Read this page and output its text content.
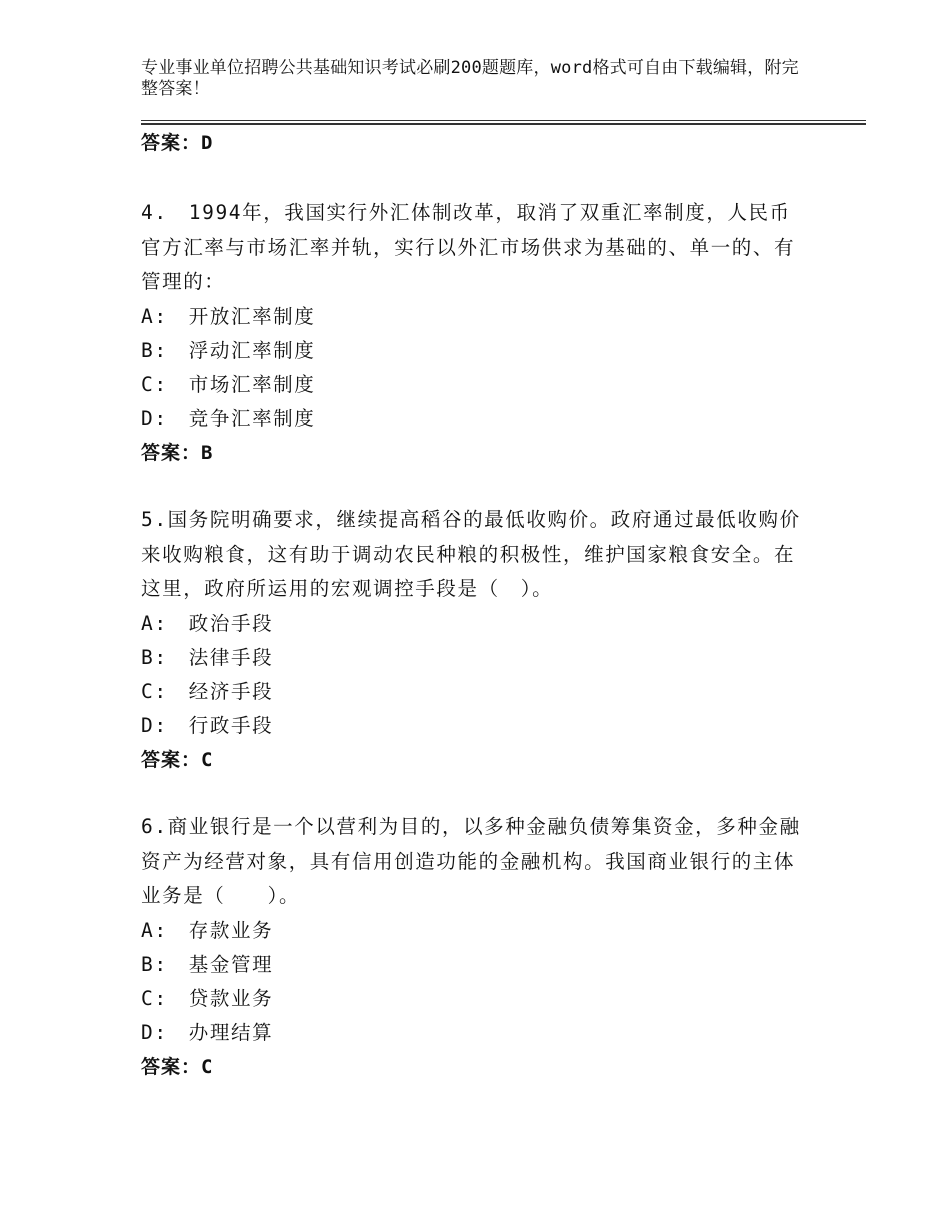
专业事业单位招聘公共基础知识考试必刷200题题库，word格式可自由下载编辑，附完整答案！
答案：D

4.　1994年，我国实行外汇体制改革，取消了双重汇率制度，人民币官方汇率与市场汇率并轨，实行以外汇市场供求为基础的、单一的、有管理的：

A:　开放汇率制度

B:　浮动汇率制度

C:　市场汇率制度

D:　竞争汇率制度

答案：B

5.国务院明确要求，继续提高稻谷的最低收购价。政府通过最低收购价来收购粮食，这有助于调动农民种粮的积极性，维护国家粮食安全。在这里，政府所运用的宏观调控手段是（　）。

A:　政治手段

B:　法律手段

C:　经济手段

D:　行政手段

答案：C

6.商业银行是一个以营利为目的，以多种金融负债筹集资金，多种金融资产为经营对象，具有信用创造功能的金融机构。我国商业银行的主体业务是（　　）。

A:　存款业务

B:　基金管理

C:　贷款业务

D:　办理结算

答案：C
